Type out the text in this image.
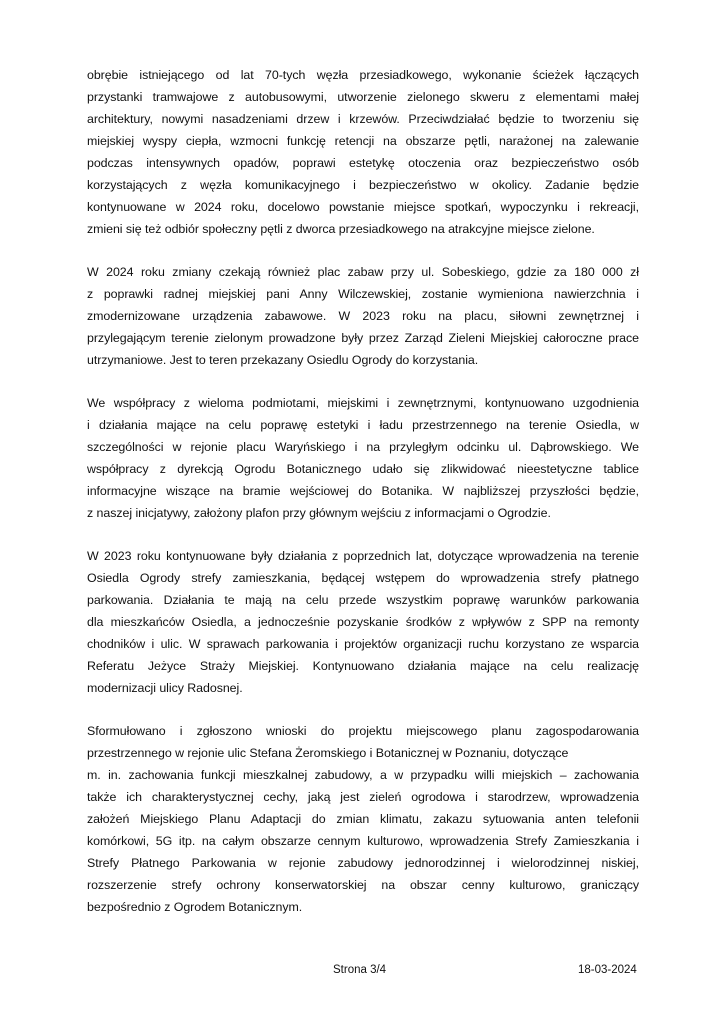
obrębie istniejącego od lat 70-tych węzła przesiadkowego, wykonanie ścieżek łączących
przystanki tramwajowe z autobusowymi, utworzenie zielonego skweru z elementami małej
architektury, nowymi nasadzeniami drzew i krzewów. Przeciwdziałać będzie to tworzeniu się
miejskiej wyspy ciepła, wzmocni funkcję retencji na obszarze pętli, narażonej na zalewanie
podczas intensywnych opadów, poprawi estetykę otoczenia oraz bezpieczeństwo osób
korzystających z węzła komunikacyjnego i bezpieczeństwo w okolicy. Zadanie będzie
kontynuowane w 2024 roku, docelowo powstanie miejsce spotkań, wypoczynku i rekreacji,
zmieni się też odbiór społeczny pętli z dworca przesiadkowego na atrakcyjne miejsce zielone.
W 2024 roku zmiany czekają również plac zabaw przy ul. Sobeskiego, gdzie za 180 000 zł
z poprawki radnej miejskiej pani Anny Wilczewskiej, zostanie wymieniona nawierzchnia i
zmodernizowane urządzenia zabawowe. W 2023 roku na placu, siłowni zewnętrznej i
przylegającym terenie zielonym prowadzone były przez Zarząd Zieleni Miejskiej całoroczne prace
utrzymaniowe. Jest to teren przekazany Osiedlu Ogrody do korzystania.
We współpracy z wieloma podmiotami, miejskimi i zewnętrznymi, kontynuowano uzgodnienia
i działania mające na celu poprawę estetyki i ładu przestrzennego na terenie Osiedla, w
szczególności w rejonie placu Waryńskiego i na przyległym odcinku ul. Dąbrowskiego. We
współpracy z dyrekcją Ogrodu Botanicznego udało się zlikwidować nieestetyczne tablice
informacyjne wiszące na bramie wejściowej do Botanika. W najbliższej przyszłości będzie,
z naszej inicjatywy, założony plafon przy głównym wejściu z informacjami o Ogrodzie.
W 2023 roku kontynuowane były działania z poprzednich lat, dotyczące wprowadzenia na terenie
Osiedla Ogrody strefy zamieszkania, będącej wstępem do wprowadzenia strefy płatnego
parkowania. Działania te mają na celu przede wszystkim poprawę warunków parkowania
dla mieszkańców Osiedla, a jednocześnie pozyskanie środków z wpływów z SPP na remonty
chodników i ulic. W sprawach parkowania i projektów organizacji ruchu korzystano ze wsparcia
Referatu Jeżyce Straży Miejskiej. Kontynuowano działania mające na celu realizację
modernizacji ulicy Radosnej.
Sformułowano i zgłoszono wnioski do projektu miejscowego planu zagospodarowania
przestrzennego w rejonie ulic Stefana Żeromskiego i Botanicznej w Poznaniu, dotyczące
m. in. zachowania funkcji mieszkalnej zabudowy, a w przypadku willi miejskich – zachowania
także ich charakterystycznej cechy, jaką jest zieleń ogrodowa i starodrzew, wprowadzenia
założeń Miejskiego Planu Adaptacji do zmian klimatu, zakazu sytuowania anten telefonii
komórkowi, 5G itp. na całym obszarze cennym kulturowo, wprowadzenia Strefy Zamieszkania i
Strefy Płatnego Parkowania w rejonie zabudowy jednorodzinnej i wielorodzinnej niskiej,
rozszerzenie strefy ochrony konserwatorskiej na obszar cenny kulturowo, graniczący
bezpośrednio z Ogrodem Botanicznym.
Strona 3/4	18-03-2024
